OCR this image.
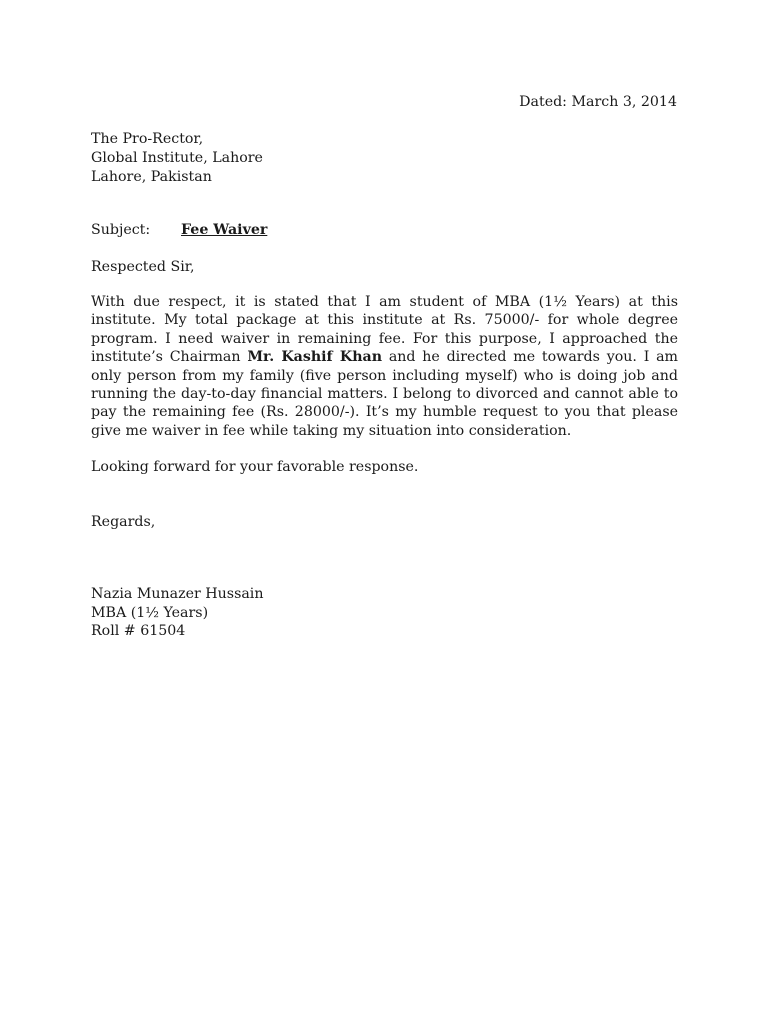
Dated: March 3, 2014
The Pro-Rector,
Global Institute, Lahore
Lahore, Pakistan
Subject: Fee Waiver
Respected Sir,
With due respect, it is stated that I am student of MBA (1½ Years) at this institute. My total package at this institute at Rs. 75000/- for whole degree program. I need waiver in remaining fee. For this purpose, I approached the institute’s Chairman Mr. Kashif Khan and he directed me towards you. I am only person from my family (five person including myself) who is doing job and running the day-to-day financial matters. I belong to divorced and cannot able to pay the remaining fee (Rs. 28000/-). It’s my humble request to you that please give me waiver in fee while taking my situation into consideration.
Looking forward for your favorable response.
Regards,
Nazia Munazer Hussain
MBA (1½ Years)
Roll # 61504
